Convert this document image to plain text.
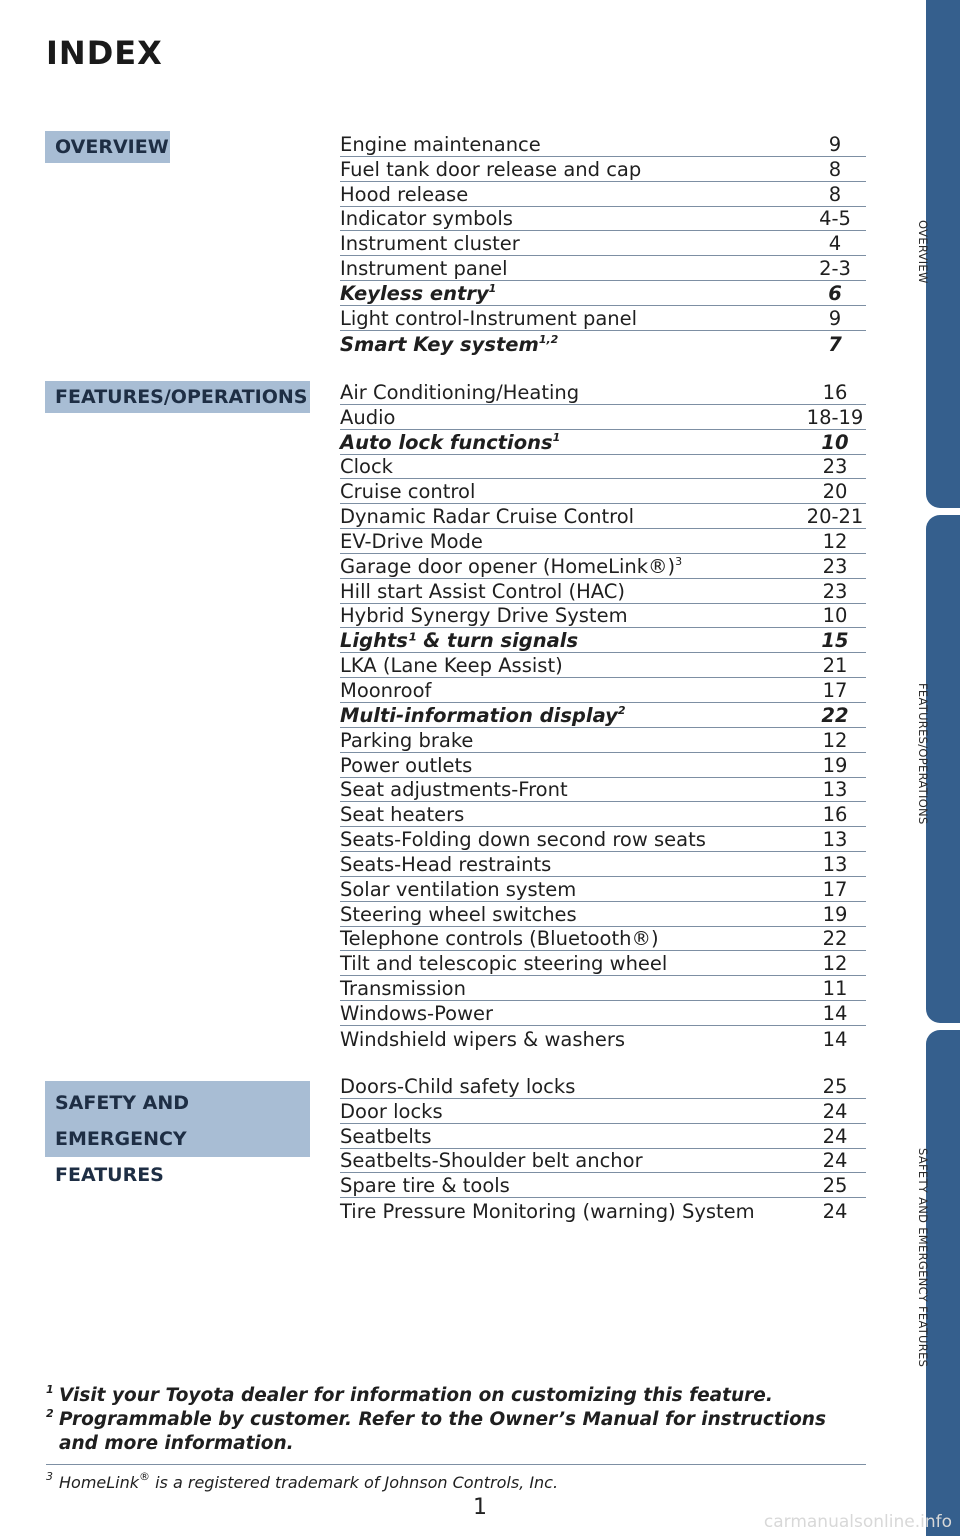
INDEX
OVERVIEW
FEATURES/OPERATIONS
SAFETY AND
EMERGENCY FEATURES
Engine maintenance	9
Fuel tank door release and cap	8
Hood release	8
Indicator symbols	4-5
Instrument cluster	4
Instrument panel	2-3
Keyless entry$^1$	6
Light control-Instrument panel	9
Smart Key system$^{1,2}$	7
Air Conditioning/Heating	16
Audio	18-19
Auto lock functions$^1$	10
Clock	23
Cruise control	20
Dynamic Radar Cruise Control	20-21
EV-Drive Mode	12
Garage door opener (HomeLink®)$^3$	23
Hill start Assist Control (HAC)	23
Hybrid Synergy Drive System	10
Lights¹ & turn signals	15
LKA (Lane Keep Assist)	21
Moonroof	17
Multi-information display$^2$	22
Parking brake	12
Power outlets	19
Seat adjustments-Front	13
Seat heaters	16
Seats-Folding down second row seats	13
Seats-Head restraints	13
Solar ventilation system	17
Steering wheel switches	19
Telephone controls (Bluetooth®)	22
Tilt and telescopic steering wheel	12
Transmission	11
Windows-Power	14
Windshield wipers & washers	14
Doors-Child safety locks	25
Door locks	24
Seatbelts	24
Seatbelts-Shoulder belt anchor	24
Spare tire & tools	25
Tire Pressure Monitoring (warning) System	24
1 Visit your Toyota dealer for information on customizing this feature.
2 Programmable by customer. Refer to the Owner’s Manual for instructions and more information.
3 HomeLink® is a registered trademark of Johnson Controls, Inc.
1
OVERVIEW
FEATURES/OPERATIONS
SAFETY AND EMERGENCY FEATURES
carmanualsonline.info
